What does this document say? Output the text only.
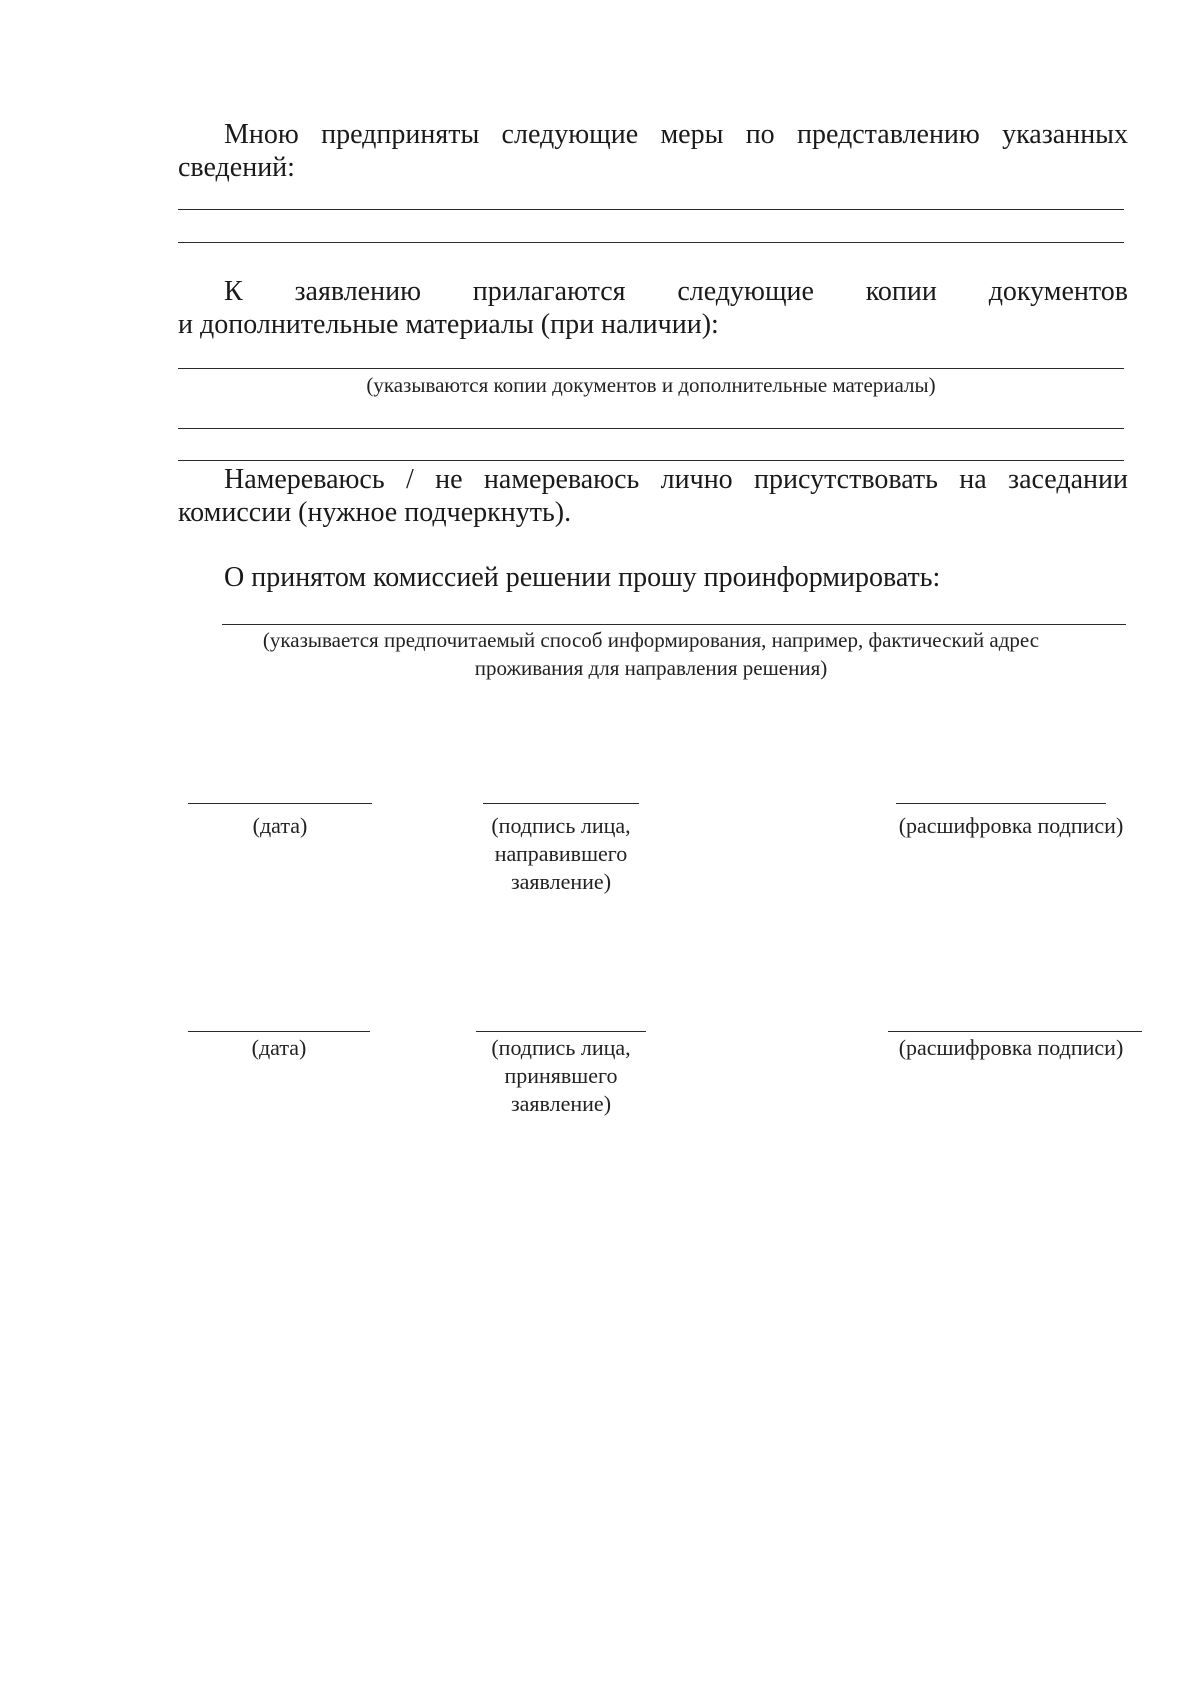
Мною предприняты следующие меры по представлению указанных
сведений:
К заявлению прилагаются следующие копии документов
и дополнительные материалы (при наличии):
(указываются копии документов и дополнительные материалы)
Намереваюсь / не намереваюсь лично присутствовать на заседании
комиссии (нужное подчеркнуть).
О принятом комиссией решении прошу проинформировать:
(указывается предпочитаемый способ информирования, например, фактический адрес
проживания для направления решения)
(дата)	(подпись лица,
направившего
заявление)
(расшифровка подписи)
(дата)	(подпись лица,
принявшего
заявление)
(расшифровка подписи)
